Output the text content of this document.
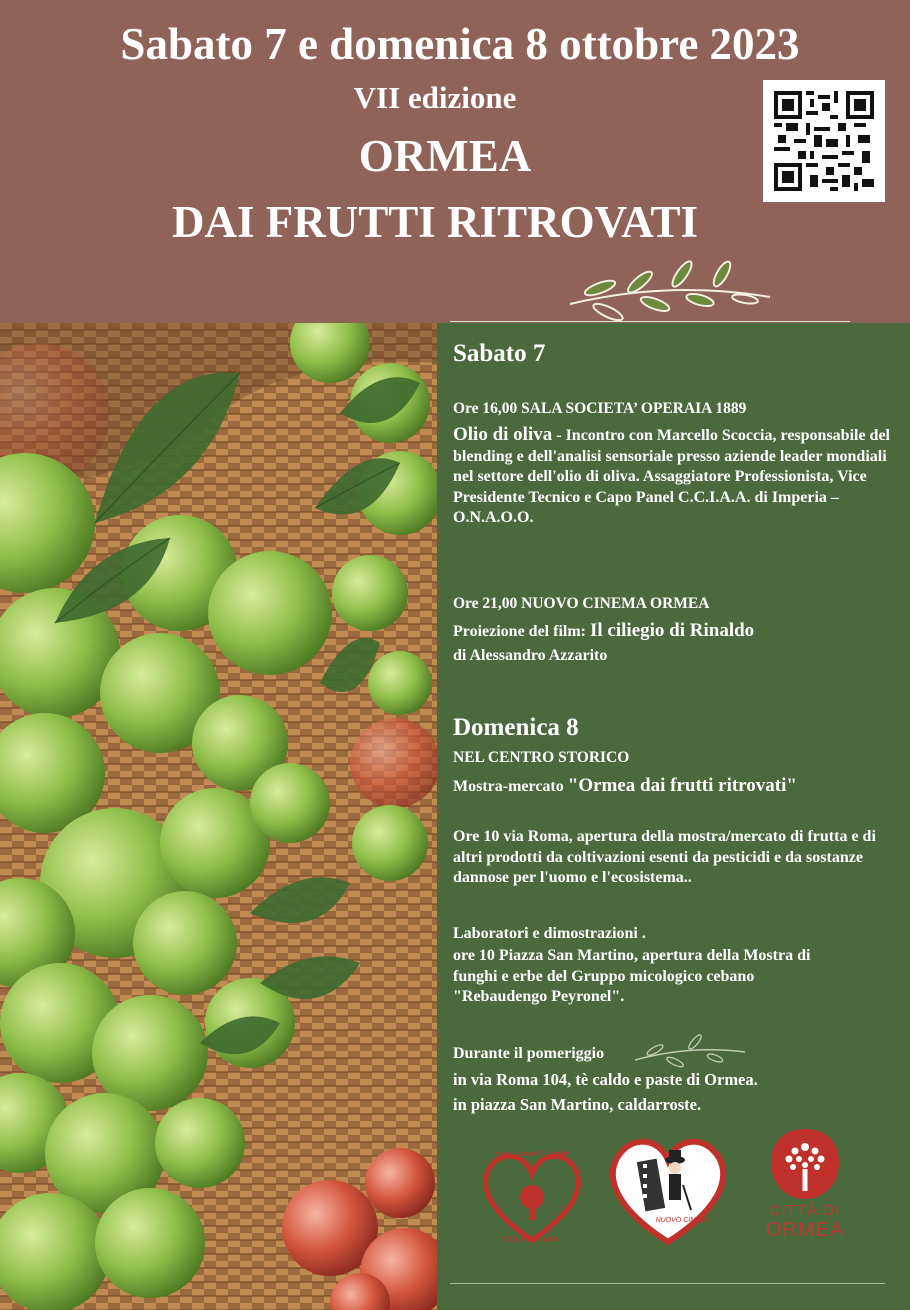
Sabato 7 e domenica 8 ottobre 2023
VII edizione
ORMEA
DAI FRUTTI RITROVATI
Sabato 7
Ore 16,00 SALA SOCIETA’ OPERAIA 1889
Olio di oliva - Incontro con Marcello Scoccia, responsabile del blending e dell'analisi sensoriale presso aziende leader mondiali nel settore dell'olio di oliva. Assaggiatore Professionista, Vice Presidente Tecnico e Capo Panel C.C.I.A.A. di Imperia – O.N.A.O.O.
Ore 21,00 NUOVO CINEMA ORMEA
Proiezione del film: Il ciliegio di Rinaldo
di Alessandro Azzarito
Domenica 8
NEL CENTRO STORICO
Mostra-mercato "Ormea dai frutti ritrovati"
Ore 10 via Roma, apertura della mostra/mercato di frutta e di altri prodotti da coltivazioni esenti da pesticidi e da sostanze dannose per l'uomo e l'ecosistema..
Laboratori e dimostrazioni .
ore 10 Piazza San Martino, apertura della Mostra di funghi e erbe del Gruppo micologico cebano "Rebaudengo Peyronel".
Durante il pomeriggio
in via Roma 104, tè caldo e paste di Ormea.
in piazza San Martino, caldarroste.
Associazione Culturale
L'ULMETA ODV
NUOVO CINEMA
CITTÀ DI
ORMEA
